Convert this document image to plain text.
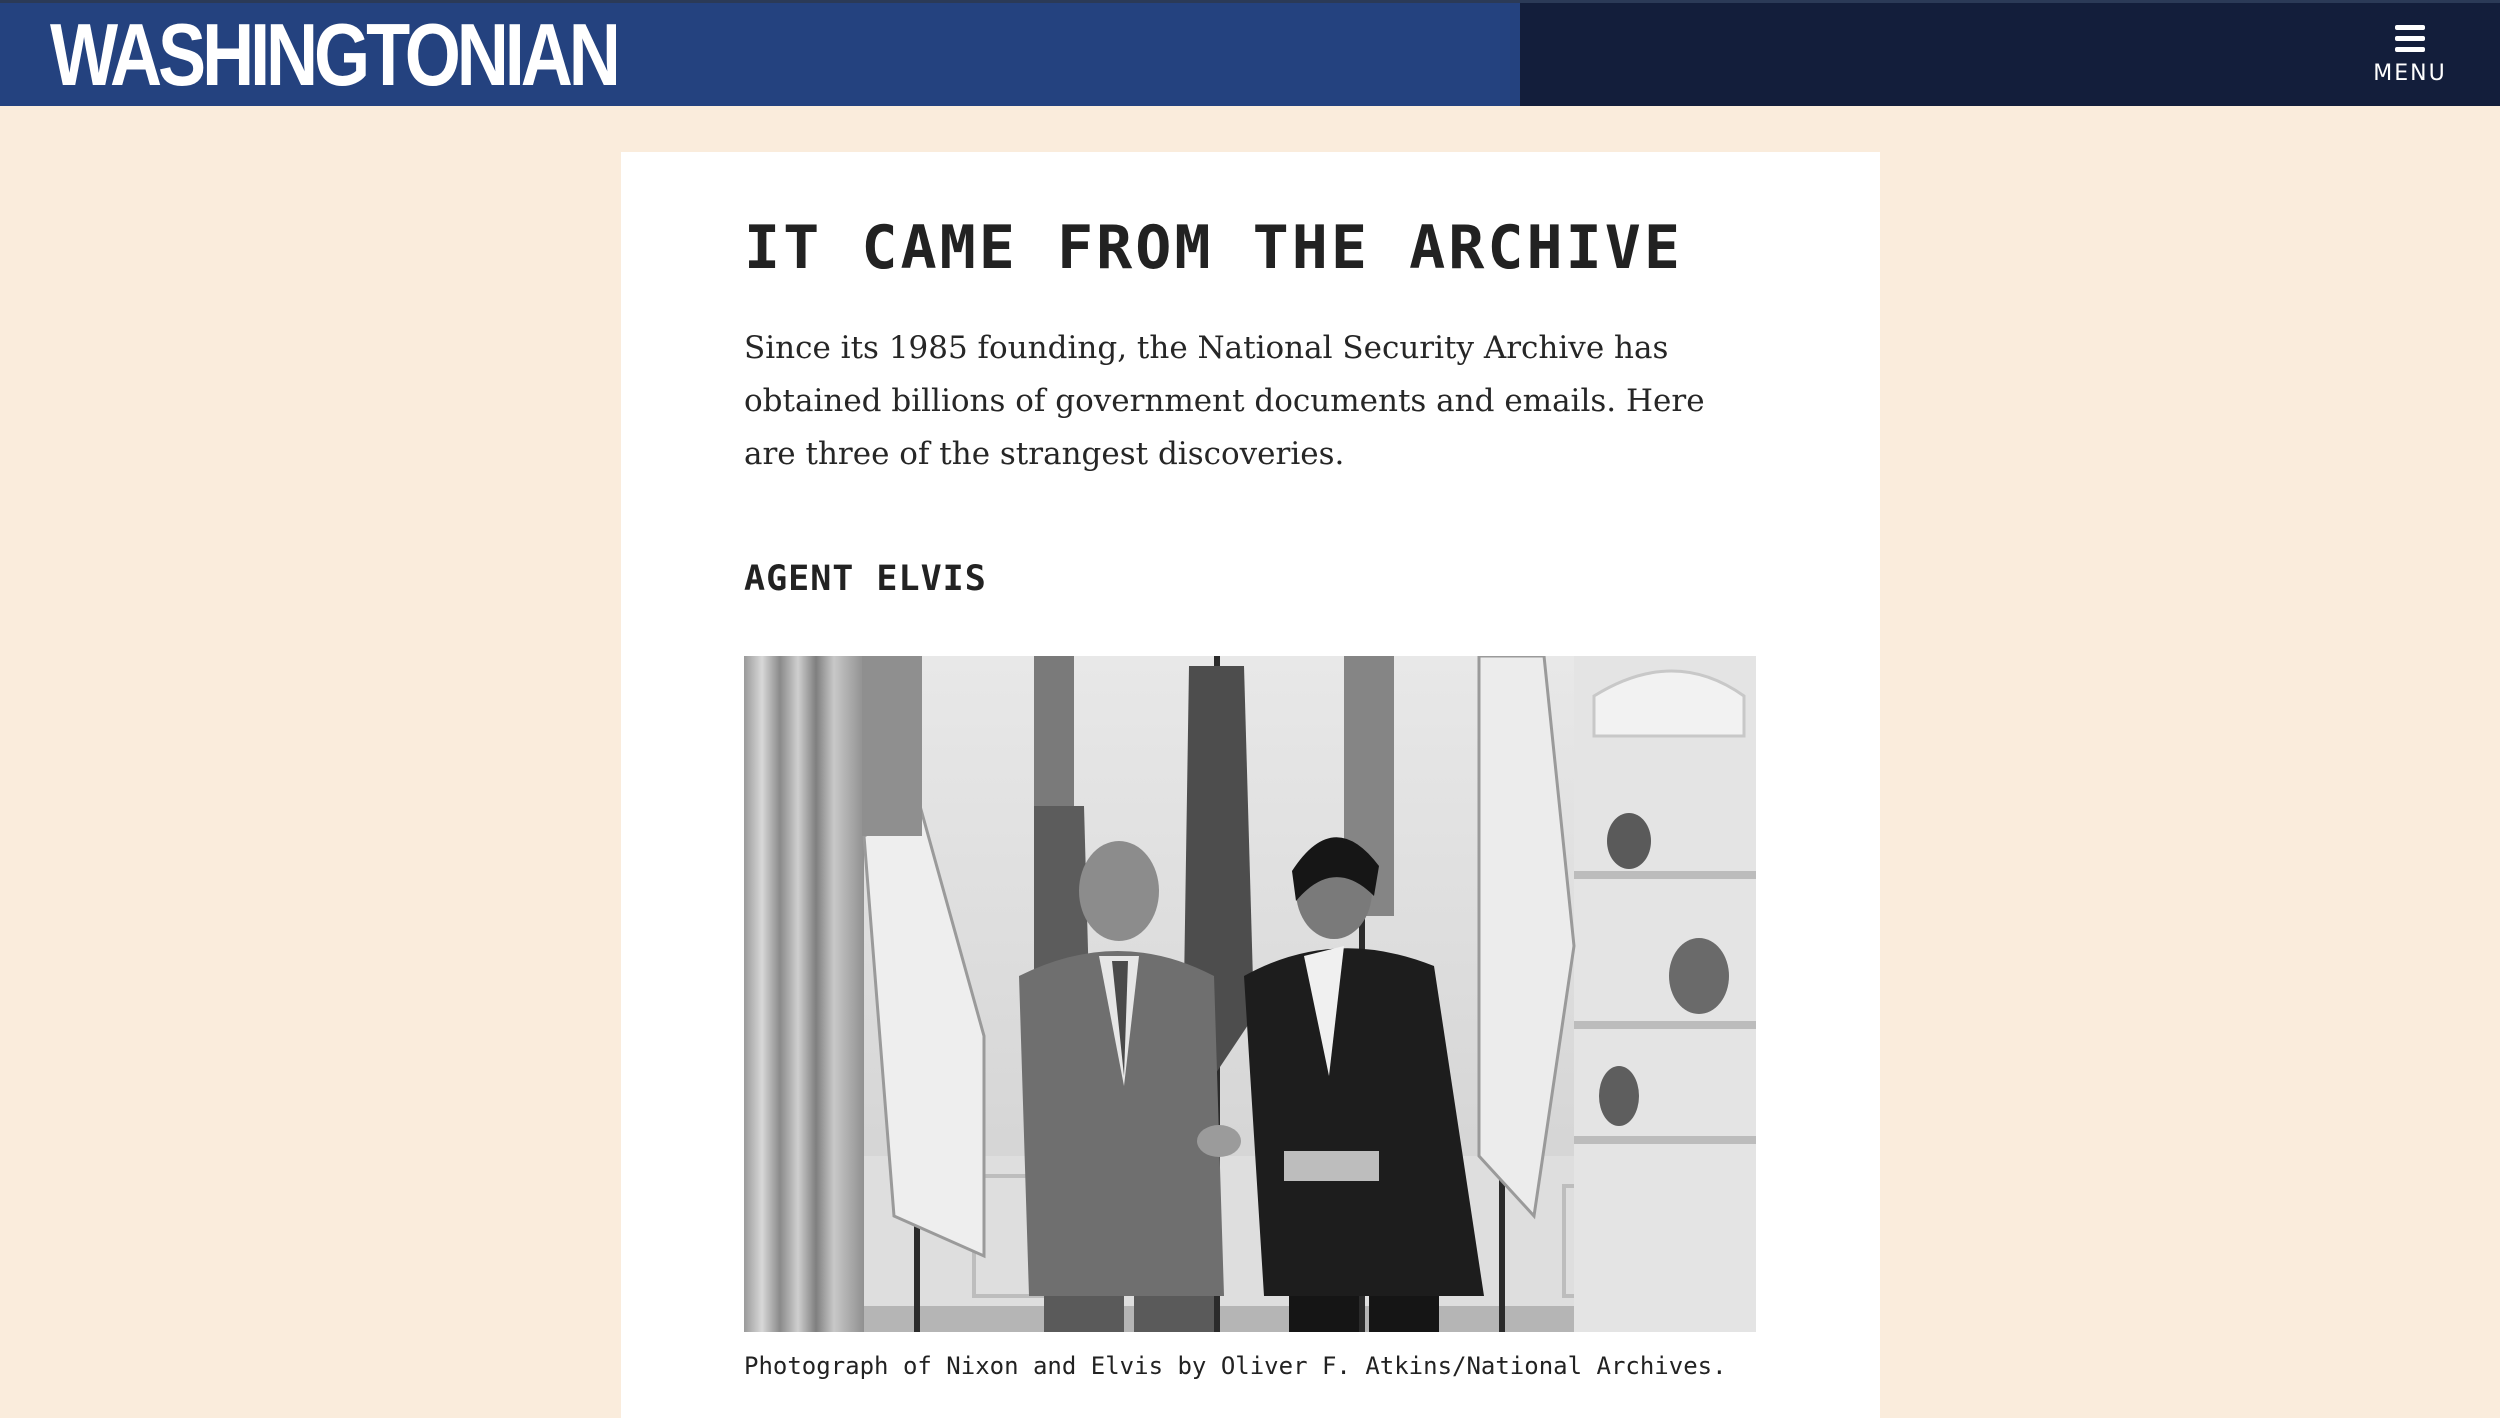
WASHINGTONIAN	MENU
IT CAME FROM THE ARCHIVE

Since its 1985 founding, the National Security Archive has obtained billions of government documents and emails. Here are three of the strangest discoveries.

AGENT ELVIS

Photograph of Nixon and Elvis by Oliver F. Atkins/National Archives.
